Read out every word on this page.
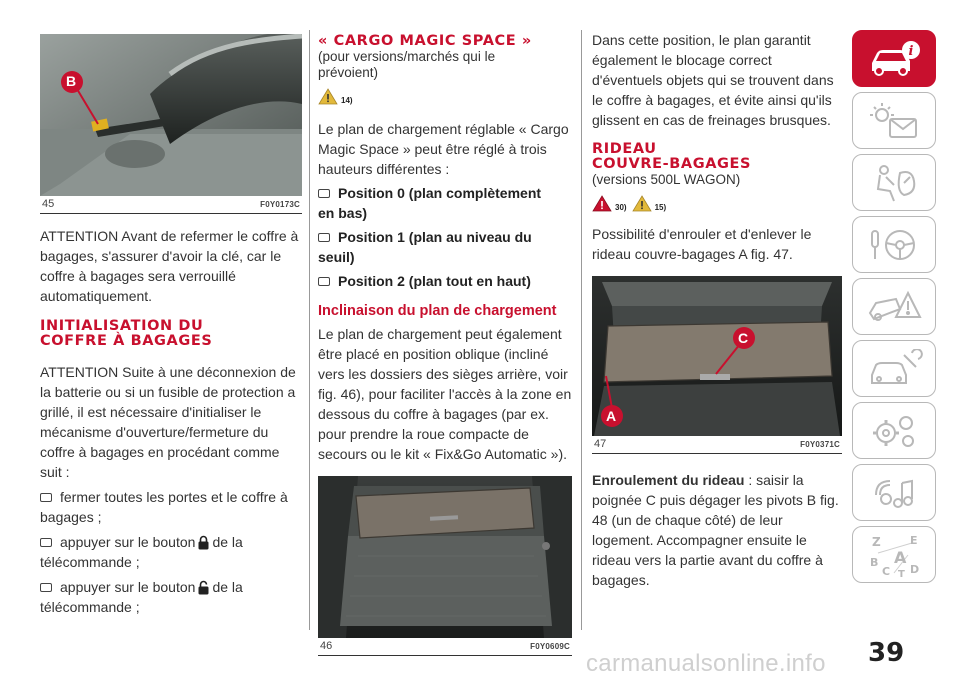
B
45	F0Y0173C

ATTENTION Avant de refermer le coffre à bagages, s'assurer d'avoir la clé, car le coffre à bagages sera verrouillé automatiquement.

INITIALISATION DU
COFFRE À BAGAGES

ATTENTION Suite à une déconnexion de la batterie ou si un fusible de protection a grillé, il est nécessaire d'initialiser le mécanisme d'ouverture/fermeture du coffre à bagages en procédant comme suit :

fermer toutes les portes et le coffre à
bagages ;
appuyer sur le bouton de la
télécommande ;
appuyer sur le bouton de la
télécommande ;
« CARGO MAGIC SPACE »
(pour versions/marchés qui le prévoient)
14)

Le plan de chargement réglable « Cargo Magic Space » peut être réglé à trois hauteurs différentes :

Position 0 (plan complètement
en bas)
Position 1 (plan au niveau du
seuil)
Position 2 (plan tout en haut)
Inclinaison du plan de chargement

Le plan de chargement peut également être placé en position oblique (incliné vers les dossiers des sièges arrière, voir fig. 46), pour faciliter l'accès à la zone en dessous du coffre à bagages (par ex. pour prendre la roue compacte de secours ou le kit « Fix&Go Automatic »).

46	F0Y0609C

Dans cette position, le plan garantit également le blocage correct d'éventuels objets qui se trouvent dans le coffre à bagages, et évite ainsi qu'ils glissent en cas de freinages brusques.

RIDEAU
COUVRE-BAGAGES
(versions 500L WAGON)
30)	15)

Possibilité d'enrouler et d'enlever le rideau couvre-bagages A fig. 47.

C
A
47	F0Y0371C

Enroulement du rideau : saisir la poignée C puis dégager les pivots B fig. 48 (un de chaque côté) de leur logement. Accompagner ensuite le rideau vers la partie avant du coffre à bagages.

i
Z	E
B A
C D
T
carmanualsonline.info 39
